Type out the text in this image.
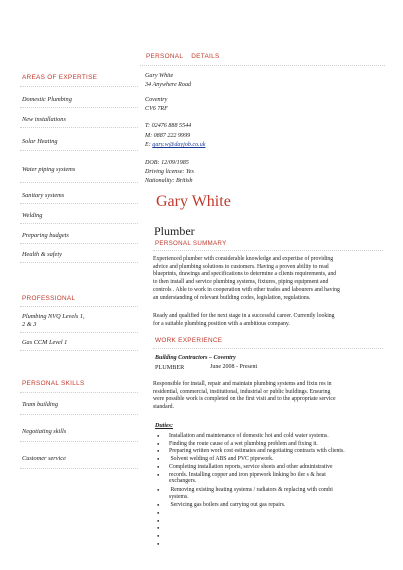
AREAS OF EXPERTISE
Domestic Plumbing
New installations
Solar Heating
Water piping systems
Sanitary systems
Welding
Preparing budgets
Health & safety
PROFESSIONAL
Plumbing NVQ Levels 1,
2 & 3
Gas CCM Level 1
PERSONAL SKILLS
Team building
Negotiating skills
Customer service
PERSONAL    DETAILS
Gary White
34 Anywhere Road
Coventry
CV6 7RF
T: 02476 888 5544
M: 0887 222 9999
E: gary.w@dayjob.co.uk
DOB: 12/09/1985
Driving license: Yes
Nationality: British
Gary White
Plumber
PERSONAL SUMMARY
Experienced plumber with considerable knowledge and expertise of providing
advice and plumbing solutions to customers. Having a proven ability to read
blueprints, drawings and specifications to determine a clients requirements, and
to then install and service plumbing systems, fixtures, piping equipment and
controls . Able to work in cooperation with other trades and labourers and having
an understanding of relevant building codes, legislation, regulations.
Ready and qualified for the next stage in a successful career. Currently looking
for a suitable plumbing position with a ambitious company.
WORK EXPERIENCE
Building Contractors – Coventry
PLUMBER	June 2008 - Present
Responsible for install, repair and maintain plumbing systems and fixtu res in
residential, commercial, institutional, industrial or public buildings. Ensuring
were possible work is completed on the first visit and to the appropriate service
standard.
Duties:
● Installation and maintenance of domestic hot and cold water systems.
● Finding the route cause of a wet plumbing problem and fixing it.
● Preparing written work cost estimates and negotiating contracts with clients.
● Solvent welding of ABS and PVC pipework.
● Completing installation reports, service sheets and other administrative
● records. Installing copper and iron pipework linking bo iler s & heat
exchangers.
● Removing existing heating systems / radiators & replacing with combi
systems.
● Servicing gas boilers and carrying out gas repairs.
●
●
●
●
●
